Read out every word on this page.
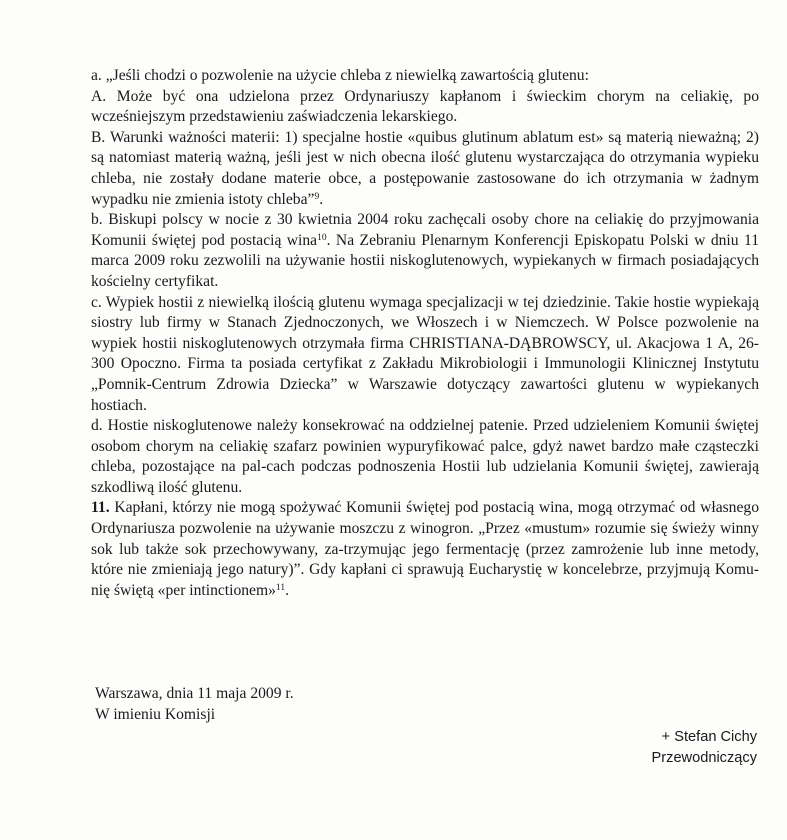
a. „Jeśli chodzi o pozwolenie na użycie chleba z niewielką zawartością glutenu:

A. Może być ona udzielona przez Ordynariuszy kapłanom i świeckim chorym na celiakię, po wcześniejszym przedstawieniu zaświadczenia lekarskiego.

B. Warunki ważności materii: 1) specjalne hostie «quibus glutinum ablatum est» są materią nieważną; 2) są natomiast materią ważną, jeśli jest w nich obecna ilość glutenu wystarczająca do otrzymania wypieku chleba, nie zostały dodane materie obce, a postępowanie zastosowane do ich otrzymania w żadnym wypadku nie zmienia istoty chleba”$^9$.

b. Biskupi polscy w nocie z 30 kwietnia 2004 roku zachęcali osoby chore na celiakię do przyjmowania Komunii świętej pod postacią wina$^{10}$. Na Zebraniu Plenarnym Konferencji Episkopatu Polski w dniu 11 marca 2009 roku zezwolili na używanie hostii niskoglutenowych, wypiekanych w firmach posiadających kościelny certyfikat.

c. Wypiek hostii z niewielką ilością glutenu wymaga specjalizacji w tej dziedzinie. Takie hostie wypiekają siostry lub firmy w Stanach Zjednoczonych, we Włoszech i w Niemczech. W Polsce pozwolenie na wypiek hostii niskoglutenowych otrzymała firma CHRISTIANA-DĄBROWSCY, ul. Akacjowa 1 A, 26-300 Opoczno. Firma ta posiada certyfikat z Zakładu Mikrobiologii i Immunologii Klinicznej Instytutu „Pomnik-Centrum Zdrowia Dziecka” w Warszawie dotyczący zawartości glutenu w wypiekanych hostiach.

d. Hostie niskoglutenowe należy konsekrować na oddzielnej patenie. Przed udzieleniem Komunii świętej osobom chorym na celiakię szafarz powinien wypuryfikować palce, gdyż nawet bardzo małe cząsteczki chleba, pozostające na pal-cach podczas podnoszenia Hostii lub udzielania Komunii świętej, zawierają szkodliwą ilość glutenu.

11. Kapłani, którzy nie mogą spożywać Komunii świętej pod postacią wina, mogą otrzymać od własnego Ordynariusza pozwolenie na używanie moszczu z winogron. „Przez «mustum» rozumie się świeży winny sok lub także sok przechowywany, za-trzymując jego fermentację (przez zamrożenie lub inne metody, które nie zmieniają jego natury)”. Gdy kapłani ci sprawują Eucharystię w koncelebrze, przyjmują Komu-nię świętą «per intinctionem»$^{11}$.

Warszawa, dnia 11 maja 2009 r.
W imieniu Komisji
+ Stefan Cichy
Przewodniczący
